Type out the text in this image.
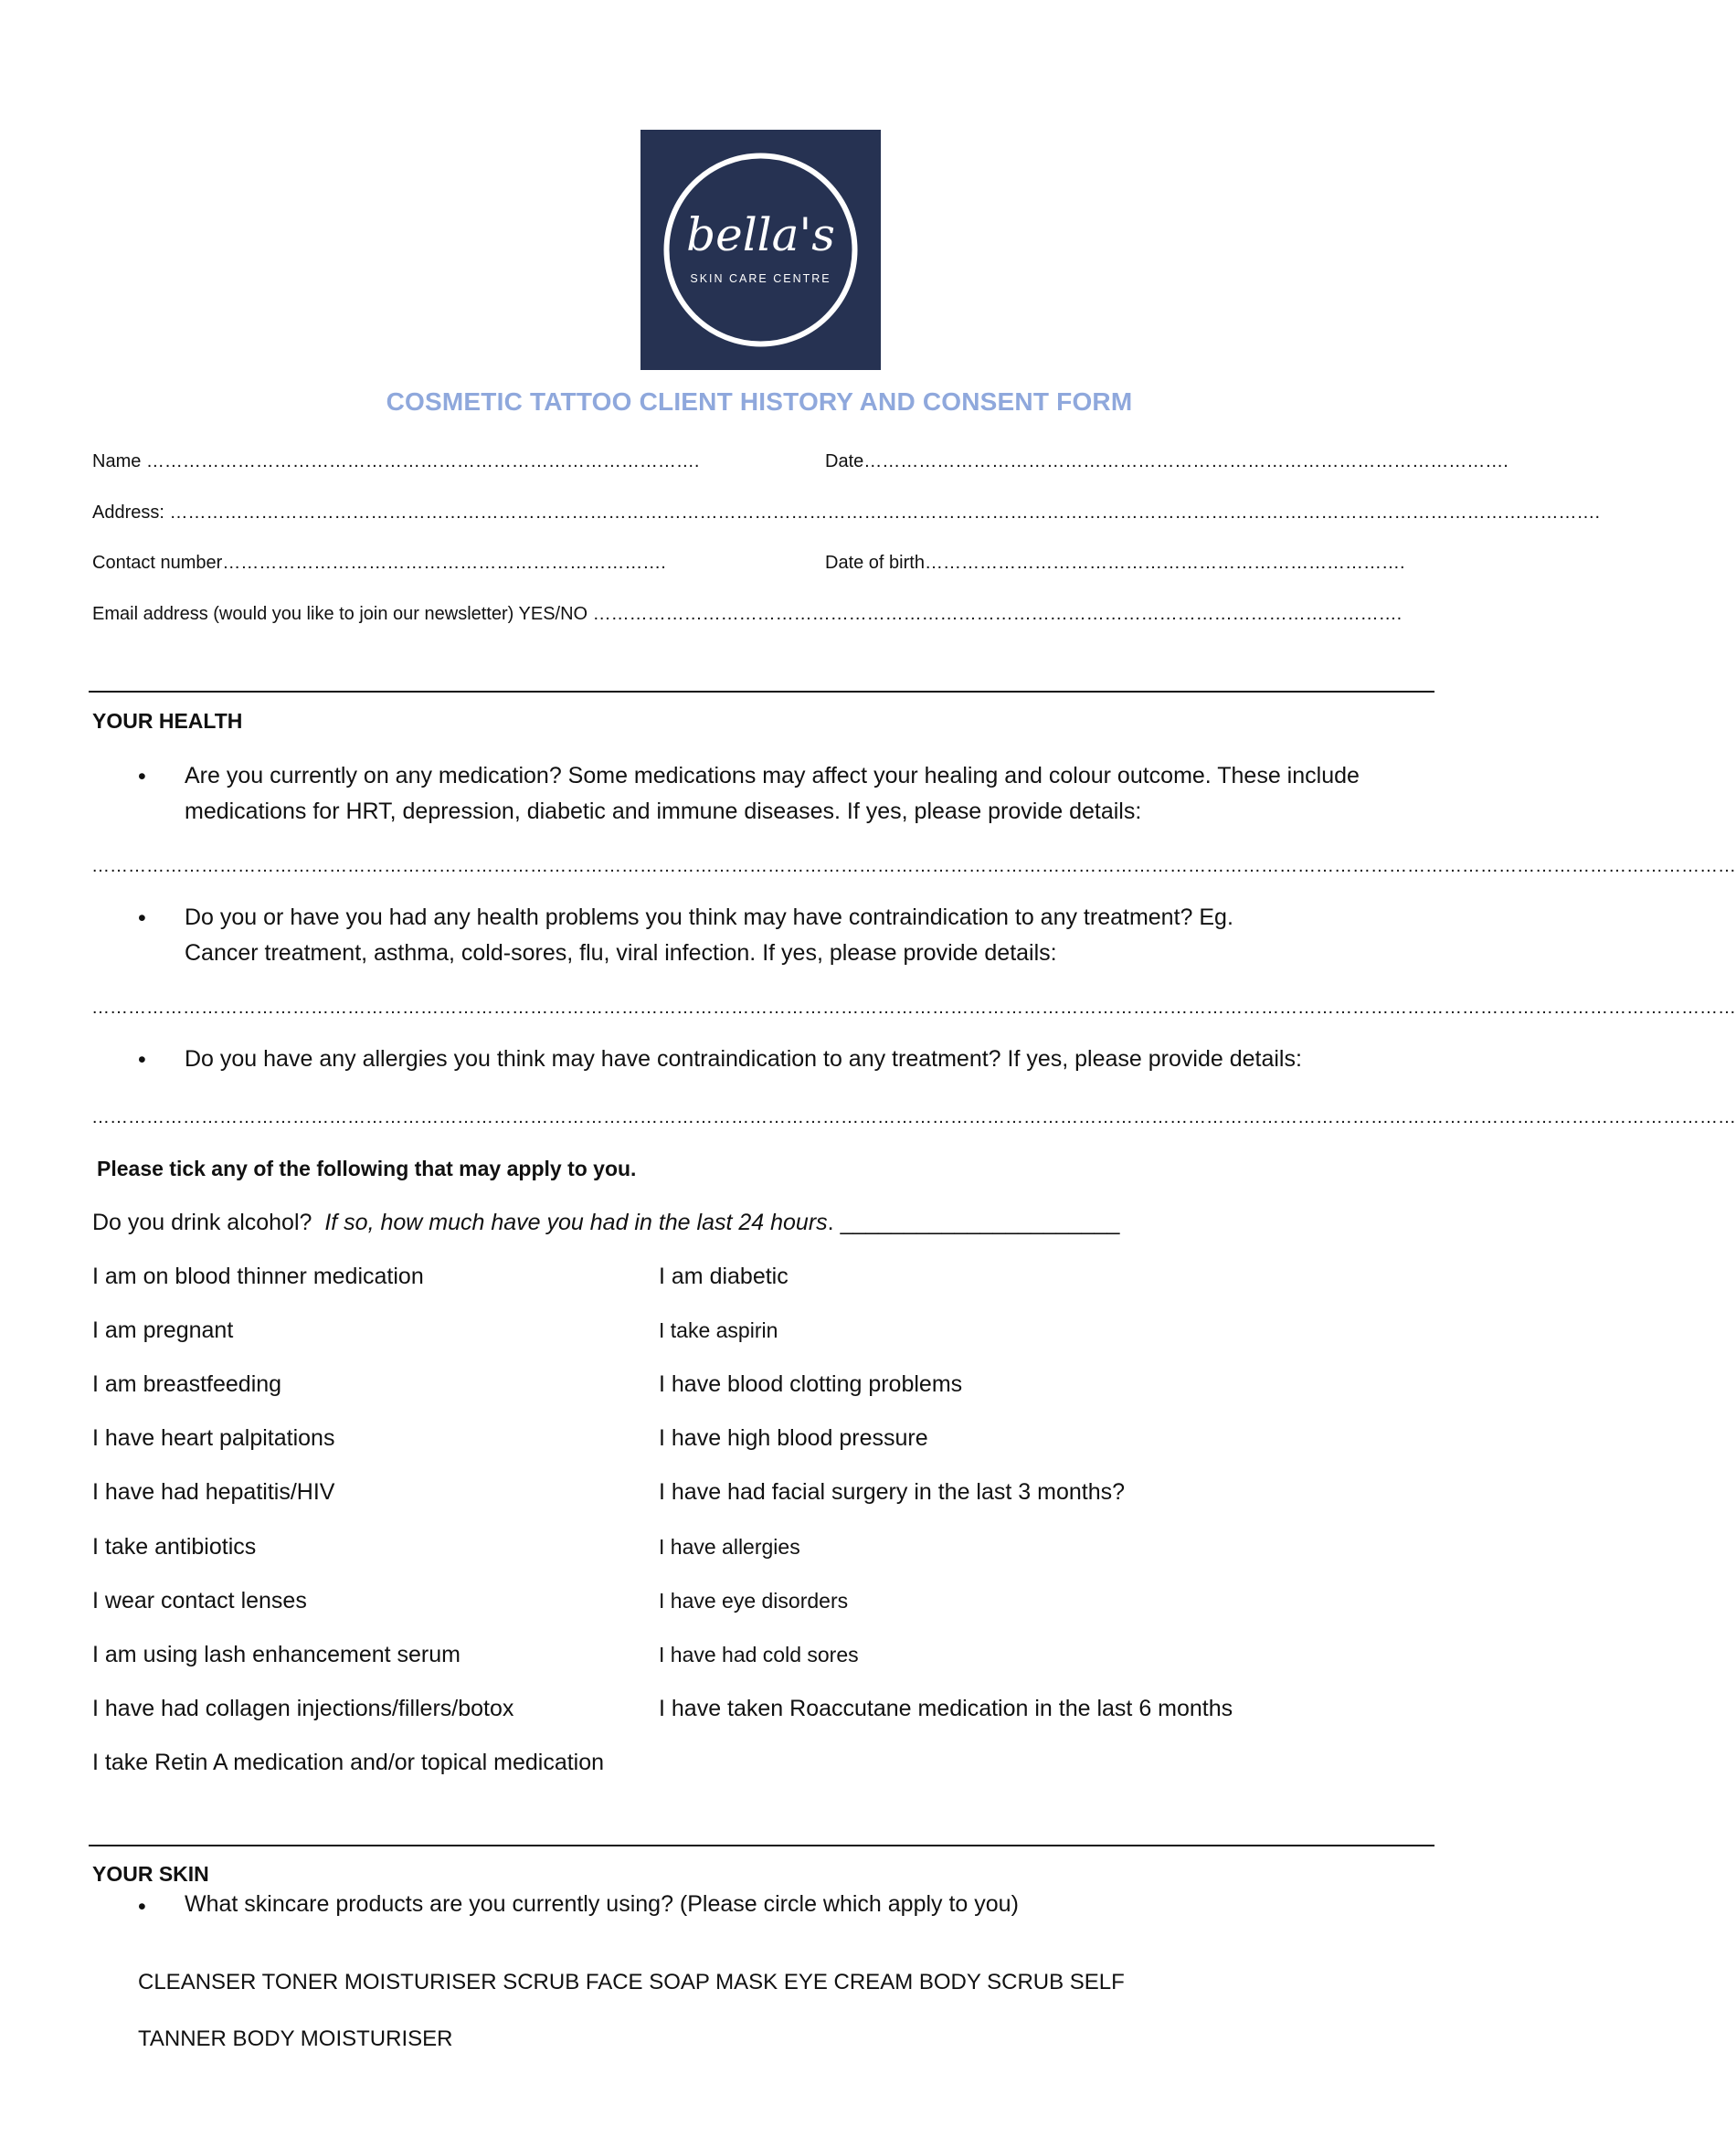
bella's
SKIN CARE CENTRE
COSMETIC TATTOO CLIENT HISTORY AND CONSENT FORM
Name ……………………………………………………………………………….	Date…………………………………………………………………………………………….
Address: ……………………………………………………………………………………………………………………………………………………………………………………………………………….
Contact number……………………………………………………………….	Date of birth…………………………………………………………………….
Email address (would you like to join our newsletter) YES/NO …………………………………………………………………………………………………………………….
YOUR HEALTH
• Are you currently on any medication? Some medications may affect your healing and colour outcome. These include
medications for HRT, depression, diabetic and immune diseases. If yes, please provide details:
………………………………………………………………………………………………………………………………………………………………………………………………………………………………………………
• Do you or have you had any health problems you think may have contraindication to any treatment? Eg.
Cancer treatment, asthma, cold-sores, flu, viral infection. If yes, please provide details:
………………………………………………………………………………………………………………………………………………………………………………………………………………………………………………
• Do you have any allergies you think may have contraindication to any treatment? If yes, please provide details:
………………………………………………………………………………………………………………………………………………………………………………………………………………………………………………
Please tick any of the following that may apply to you.
Do you drink alcohol? If so, how much have you had in the last 24 hours. ______________________
I am on blood thinner medication
I am pregnant
I am breastfeeding
I have heart palpitations
I have had hepatitis/HIV
I take antibiotics
I wear contact lenses
I am using lash enhancement serum
I have had collagen injections/fillers/botox
I take Retin A medication and/or topical medication
I am diabetic
I take aspirin
I have blood clotting problems
I have high blood pressure
I have had facial surgery in the last 3 months?
I have allergies
I have eye disorders
I have had cold sores
I have taken Roaccutane medication in the last 6 months
YOUR SKIN
• What skincare products are you currently using? (Please circle which apply to you)
CLEANSER TONER MOISTURISER SCRUB FACE SOAP MASK EYE CREAM BODY SCRUB SELF
TANNER BODY MOISTURISER
